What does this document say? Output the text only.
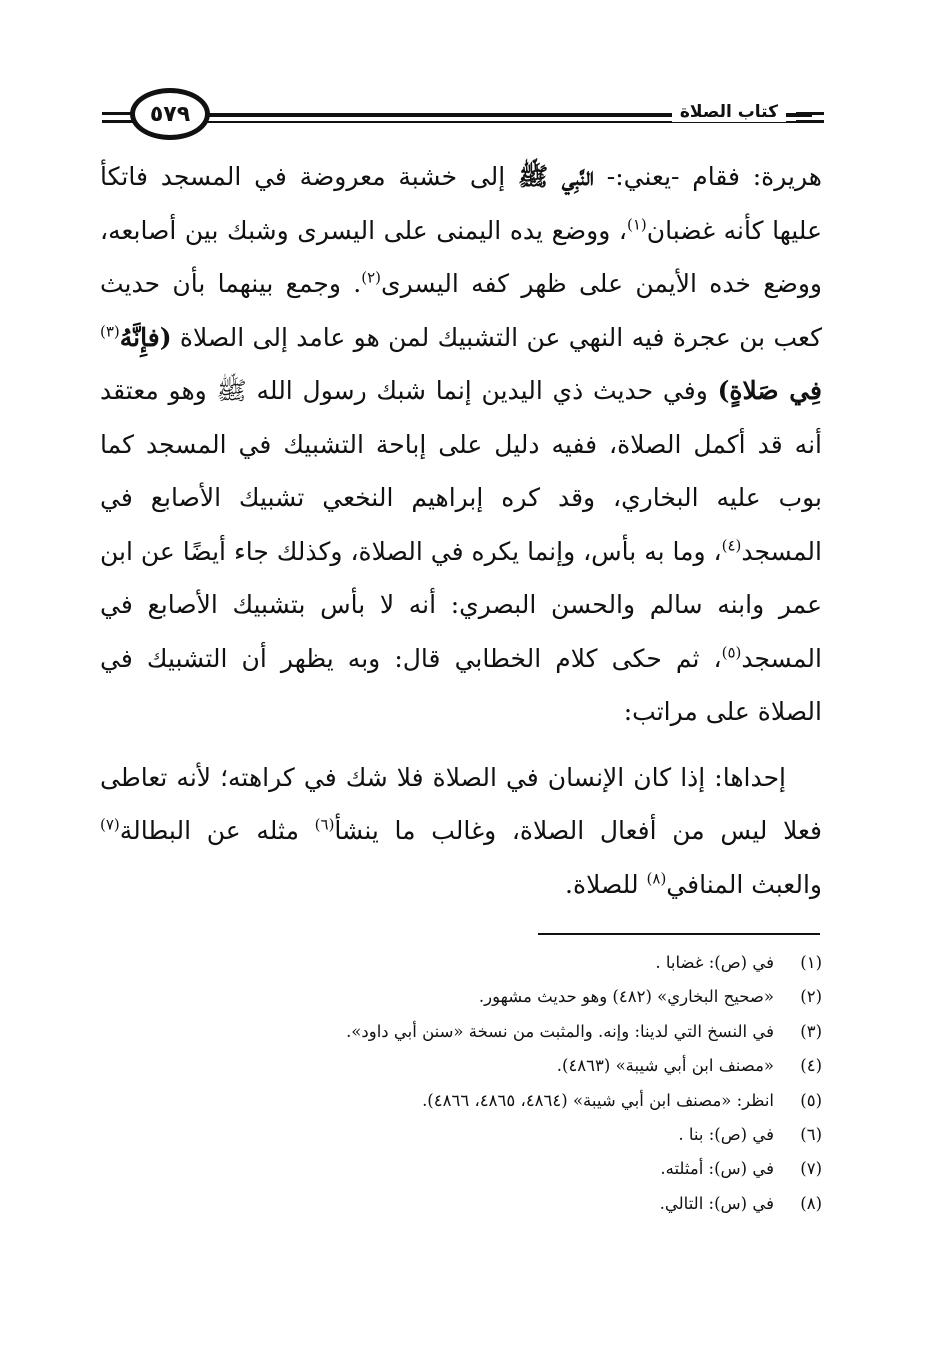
٥٧٩	كتاب الصلاة

هريرة: فقام -يعني:- النَّبِي ﷺ إلى خشبة معروضة في المسجد فاتكأ عليها كأنه غضبان$^{(١)}$، ووضع يده اليمنى على اليسرى وشبك بين أصابعه، ووضع خده الأيمن على ظهر كفه اليسرى$^{(٢)}$. وجمع بينهما بأن حديث كعب بن عجرة فيه النهي عن التشبيك لمن هو عامد إلى الصلاة (فإِنَّهُ$^{(٣)}$ فِي صَلاةٍ) وفي حديث ذي اليدين إنما شبك رسول الله ﷺ وهو معتقد أنه قد أكمل الصلاة، ففيه دليل على إباحة التشبيك في المسجد كما بوب عليه البخاري، وقد كره إبراهيم النخعي تشبيك الأصابع في المسجد$^{(٤)}$، وما به بأس، وإنما يكره في الصلاة، وكذلك جاء أيضًا عن ابن عمر وابنه سالم والحسن البصري: أنه لا بأس بتشبيك الأصابع في المسجد$^{(٥)}$، ثم حكى كلام الخطابي قال: وبه يظهر أن التشبيك في الصلاة على مراتب:

إحداها: إذا كان الإنسان في الصلاة فلا شك في كراهته؛ لأنه تعاطى فعلا ليس من أفعال الصلاة، وغالب ما ينشأ$^{(٦)}$ مثله عن البطالة$^{(٧)}$ والعبث المنافي$^{(٨)}$ للصلاة.

(١)
في (ص): غضابا .
(٢)
«صحيح البخاري» (٤٨٢) وهو حديث مشهور.
(٣)
في النسخ التي لدينا: وإنه. والمثبت من نسخة «سنن أبي داود».
(٤)
«مصنف ابن أبي شيبة» (٤٨٦٣).
(٥)
انظر: «مصنف ابن أبي شيبة» (٤٨٦٤، ٤٨٦٥، ٤٨٦٦).
(٦)
في (ص): بنا .
(٧)
في (س): أمثلته.
(٨)
في (س): التالي.
